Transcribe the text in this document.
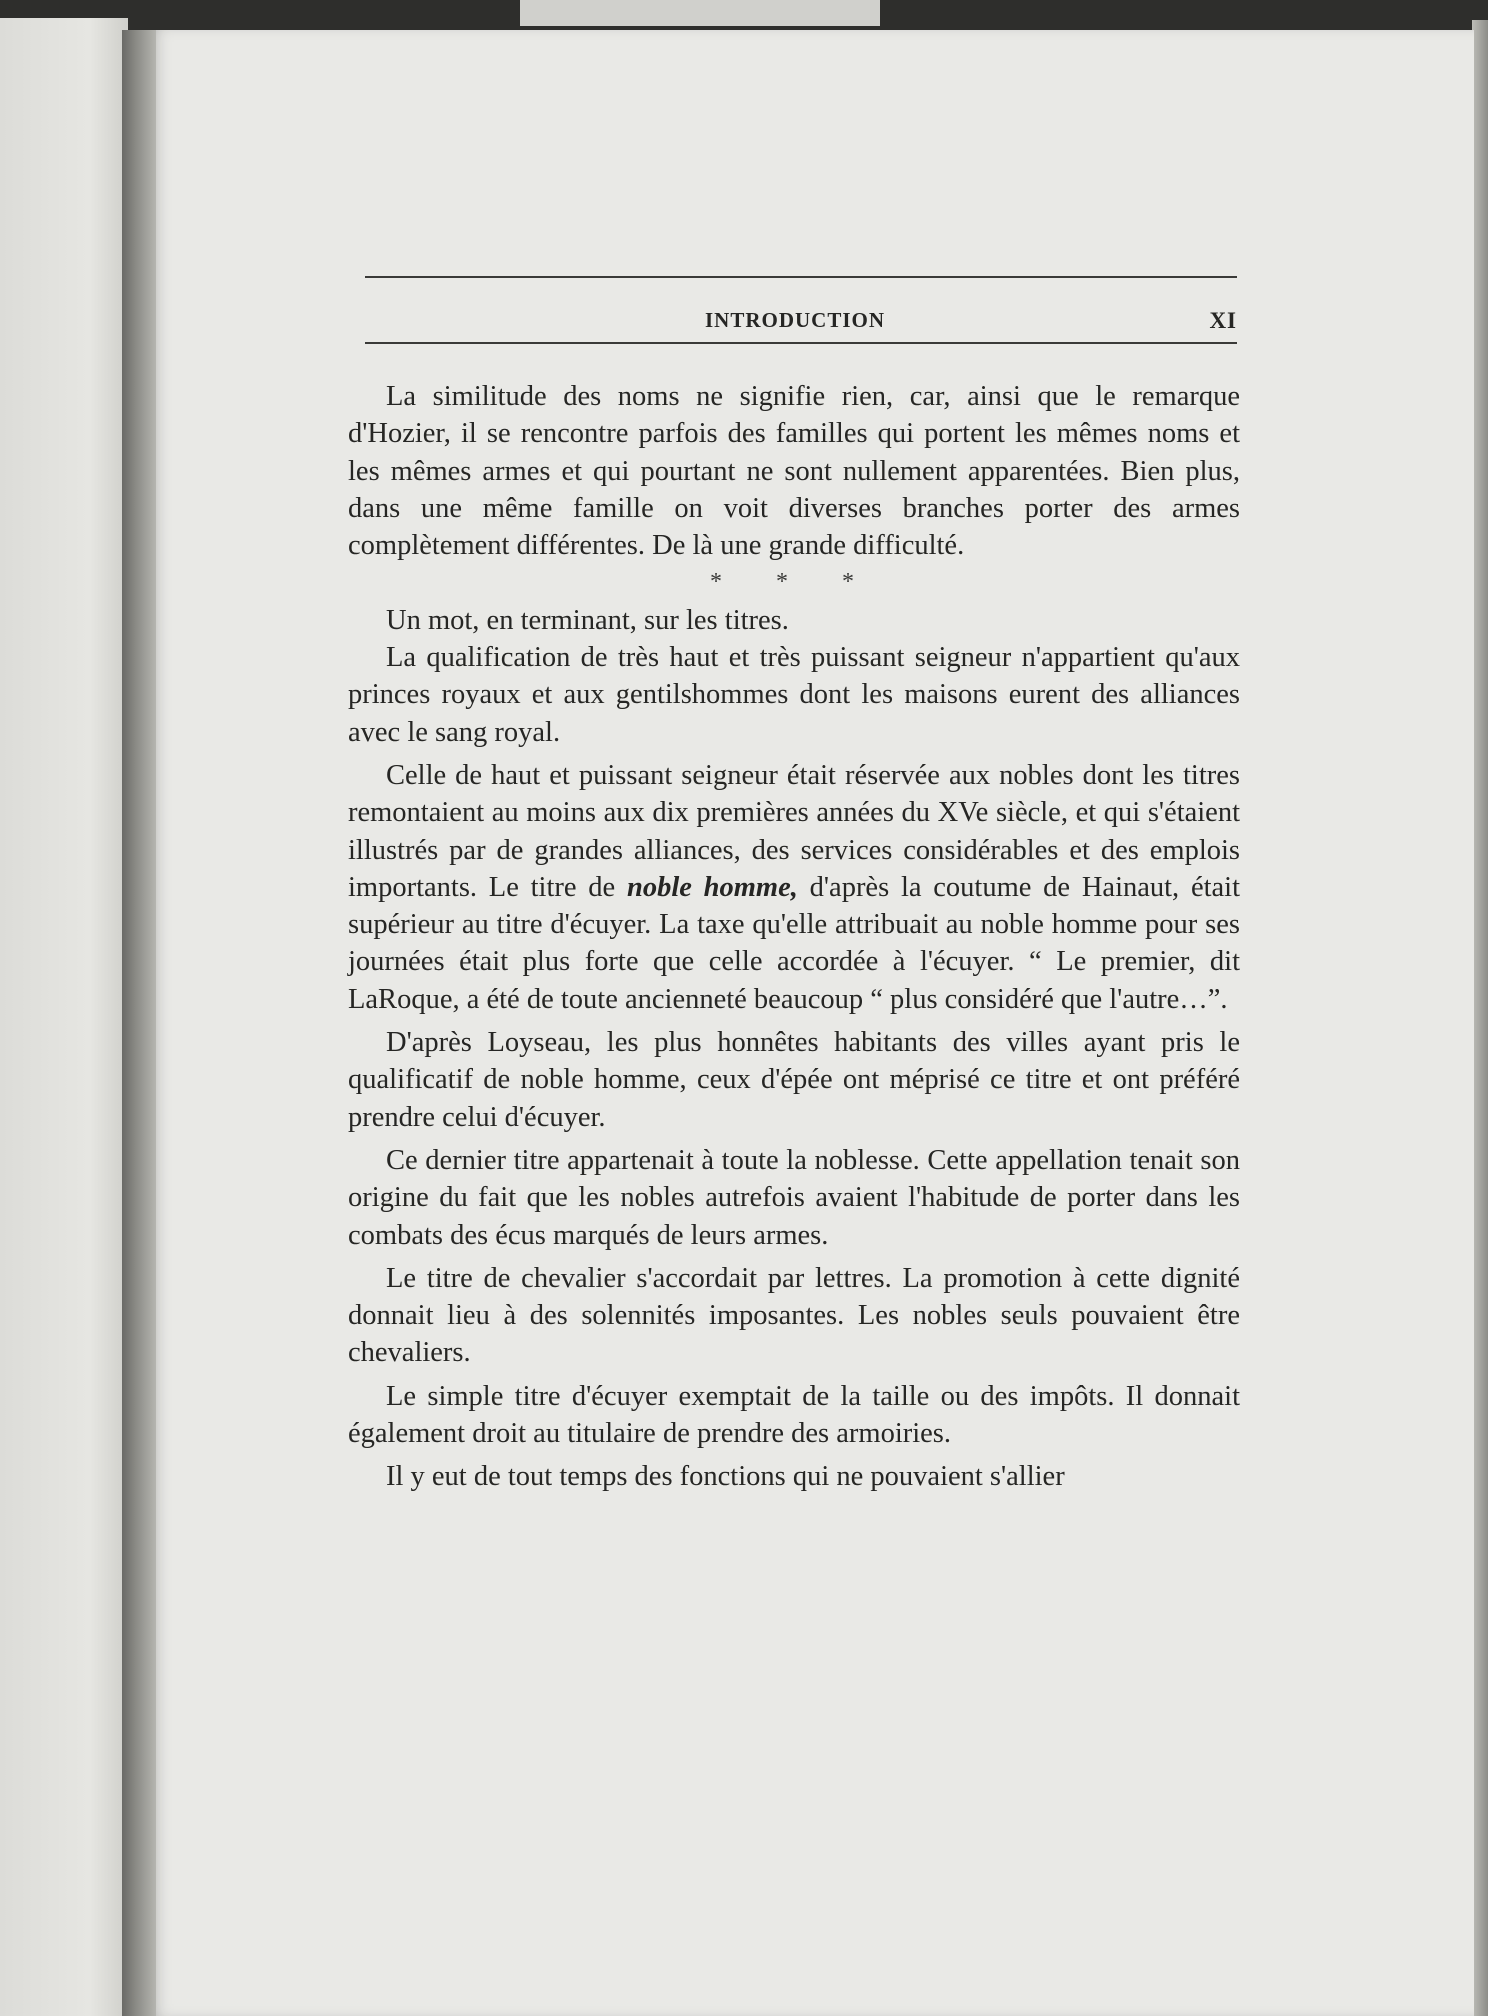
INTRODUCTION	XI

La similitude des noms ne signifie rien, car, ainsi que le remarque d'Hozier, il se rencontre parfois des familles qui portent les mêmes noms et les mêmes armes et qui pourtant ne sont nullement apparentées. Bien plus, dans une même famille on voit diverses branches porter des armes complètement différentes. De là une grande difficulté.

* * *

Un mot, en terminant, sur les titres.

La qualification de très haut et très puissant seigneur n'appartient qu'aux princes royaux et aux gentilshommes dont les maisons eurent des alliances avec le sang royal.

Celle de haut et puissant seigneur était réservée aux nobles dont les titres remontaient au moins aux dix premières années du XVe siècle, et qui s'étaient illustrés par de grandes alliances, des services considérables et des emplois importants. Le titre de noble homme, d'après la coutume de Hainaut, était supérieur au titre d'écuyer. La taxe qu'elle attribuait au noble homme pour ses journées était plus forte que celle accordée à l'écuyer. “ Le premier, dit LaRoque, a été de toute ancienneté beaucoup “ plus considéré que l'autre…”.

D'après Loyseau, les plus honnêtes habitants des villes ayant pris le qualificatif de noble homme, ceux d'épée ont méprisé ce titre et ont préféré prendre celui d'écuyer.

Ce dernier titre appartenait à toute la noblesse. Cette appellation tenait son origine du fait que les nobles autrefois avaient l'habitude de porter dans les combats des écus marqués de leurs armes.

Le titre de chevalier s'accordait par lettres. La promotion à cette dignité donnait lieu à des solennités imposantes. Les nobles seuls pouvaient être chevaliers.

Le simple titre d'écuyer exemptait de la taille ou des impôts. Il donnait également droit au titulaire de prendre des armoiries.

Il y eut de tout temps des fonctions qui ne pouvaient s'allier
